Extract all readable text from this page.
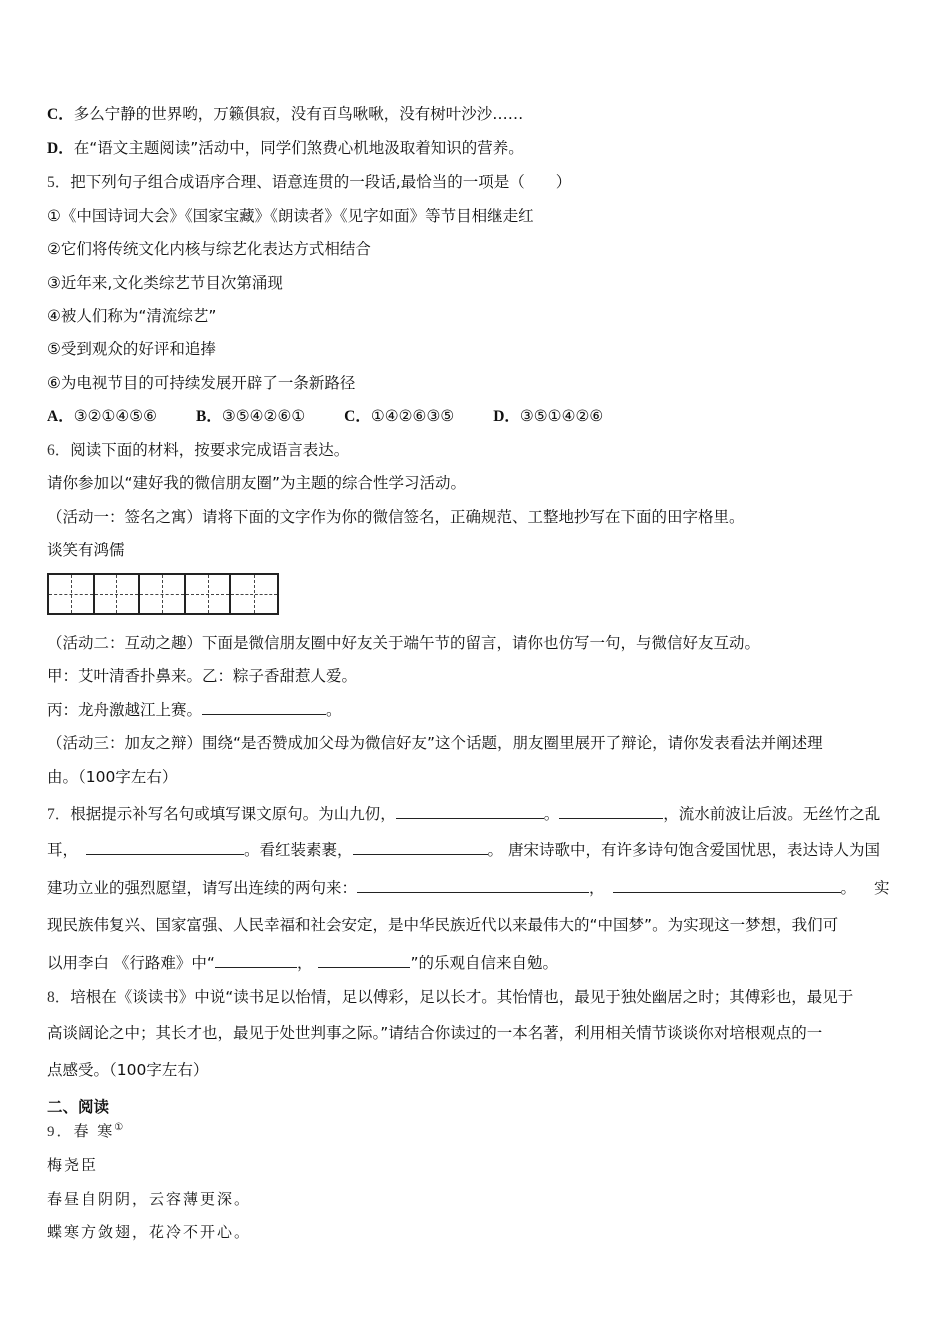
C．多么宁静的世界哟，万籁俱寂，没有百鸟啾啾，没有树叶沙沙……
D．在“语文主题阅读”活动中，同学们煞费心机地汲取着知识的营养。
5．把下列句子组合成语序合理、语意连贯的一段话,最恰当的一项是（　　）
①《中国诗词大会》《国家宝藏》《朗读者》《见字如面》等节目相继走红
②它们将传统文化内核与综艺化表达方式相结合
③近年来,文化类综艺节目次第涌现
④被人们称为“清流综艺”
⑤受到观众的好评和追捧
⑥为电视节目的可持续发展开辟了一条新路径
A．③②①④⑤⑥	B．③⑤④②⑥①	C．①④②⑥③⑤	D．③⑤①④②⑥
6．阅读下面的材料，按要求完成语言表达。
请你参加以“建好我的微信朋友圈”为主题的综合性学习活动。
（活动一：签名之寓）请将下面的文字作为你的微信签名，正确规范、工整地抄写在下面的田字格里。
谈笑有鸿儒
（活动二：互动之趣）下面是微信朋友圈中好友关于端午节的留言，请你也仿写一句，与微信好友互动。
甲：艾叶清香扑鼻来。乙：粽子香甜惹人爱。
丙：龙舟激越江上赛。	。
（活动三：加友之辩）围绕“是否赞成加父母为微信好友”这个话题，朋友圈里展开了辩论，请你发表看法并阐述理
由。（100字左右）
7．根据提示补写名句或填写课文原句。为山九仞，	。	，流水前波让后波。无丝竹之乱
耳，	。看红装素裹，	。 唐宋诗歌中，有许多诗句饱含爱国忧思，表达诗人为国
建功立业的强烈愿望，请写出连续的两句来：	，	。 实
现民族伟复兴、国家富强、人民幸福和社会安定，是中华民族近代以来最伟大的“中国梦”。为实现这一梦想，我们可
以用李白 《行路难》中“	，	”的乐观自信来自勉。
8．培根在《谈读书》中说“读书足以怡情，足以傅彩，足以长才。其怡情也，最见于独处幽居之时；其傅彩也，最见于
高谈阔论之中；其长才也，最见于处世判事之际。”请结合你读过的一本名著，利用相关情节谈谈你对培根观点的一
点感受。（100字左右）
二、阅读
9．春 寒①
梅尧臣
春昼自阴阴，云容薄更深。
蝶寒方敛翅，花冷不开心。
